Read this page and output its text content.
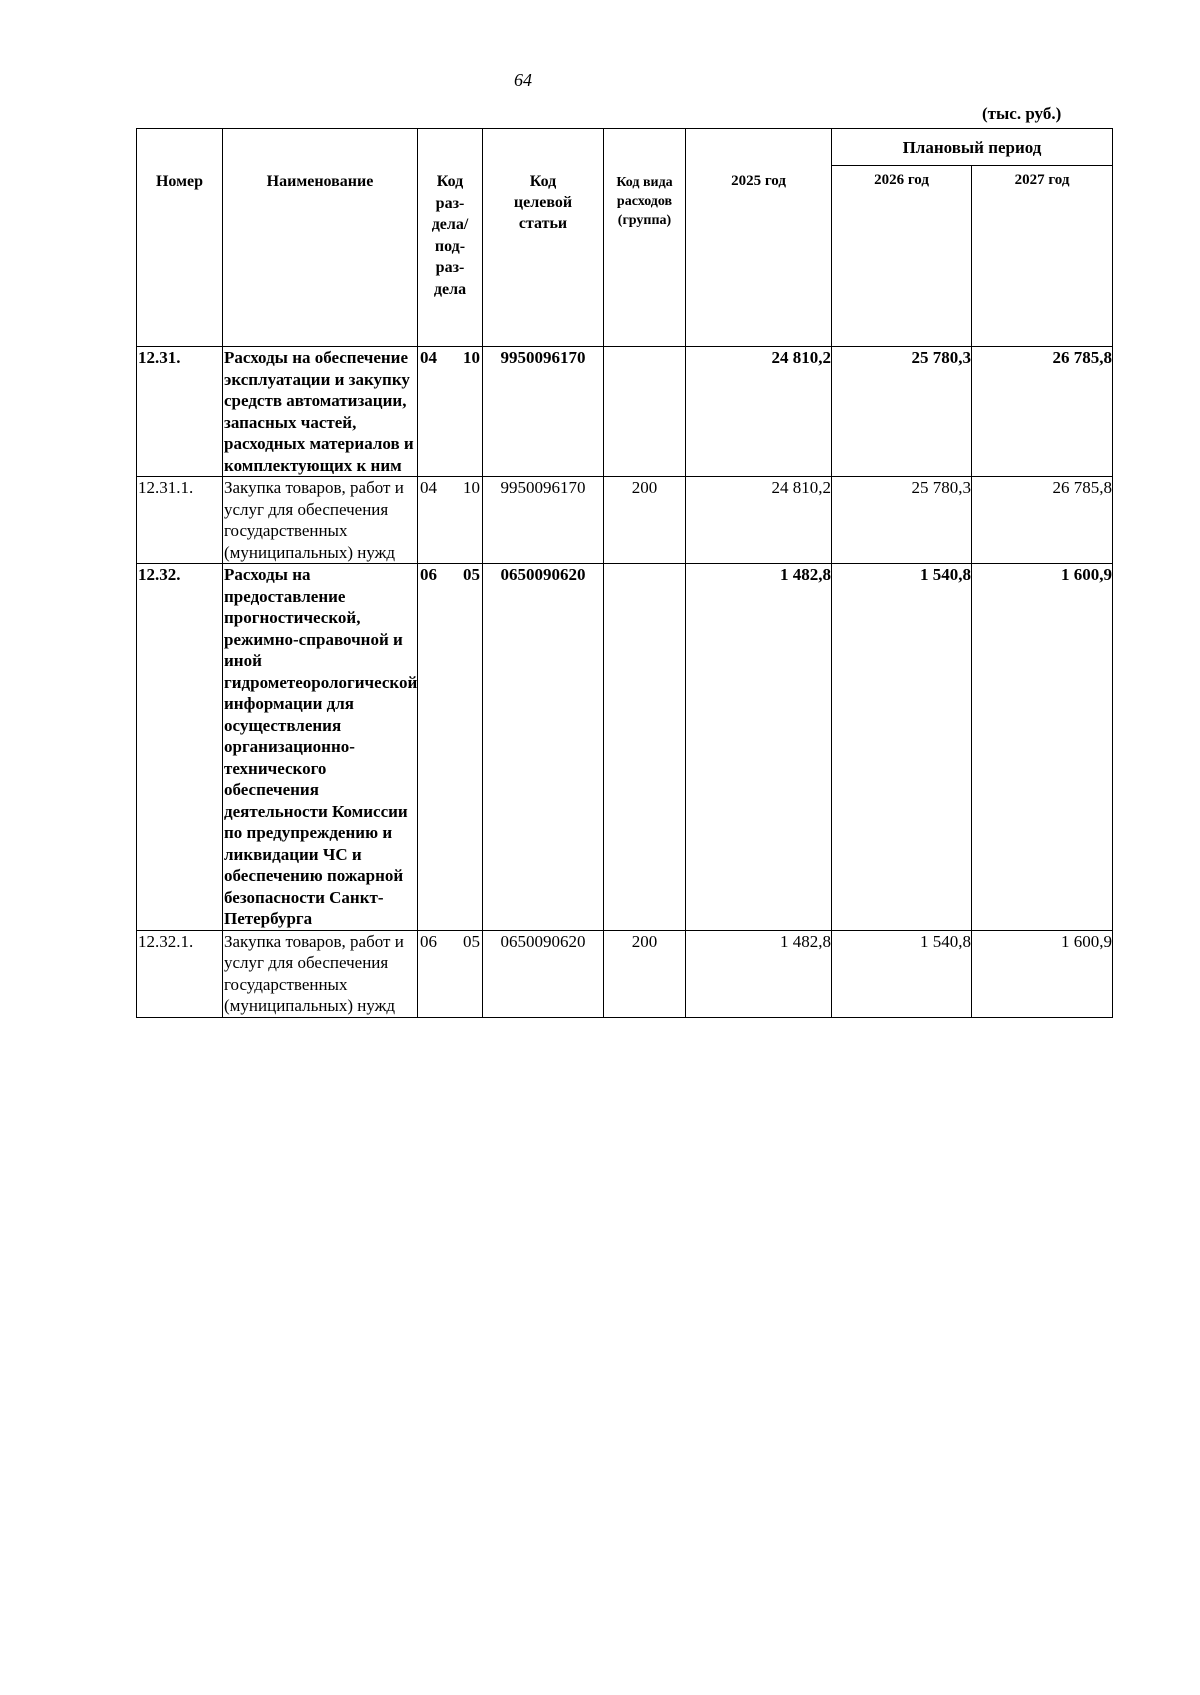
64
(тыс. руб.)
Номер	Наименование	Код раз- дела/ под- раз- дела	Код целевой статьи	Код вида расходов (группа)	2025 год	Плановый период	
						2026 год	2027 год
12.31.	Расходы на обеспечение эксплуатации и закупку средств автоматизации, запасных частей, расходных материалов и комплектующих к ним	04 10	9950096170		24 810,2	25 780,3	26 785,8
12.31.1.	Закупка товаров, работ и услуг для обеспечения государственных (муниципальных) нужд	04 10	9950096170	200	24 810,2	25 780,3	26 785,8
12.32.	Расходы на предоставление прогностической, режимно-справочной и иной гидрометеорологической информации для осуществления организационно-технического обеспечения деятельности Комиссии по предупреждению и ликвидации ЧС и обеспечению пожарной безопасности Санкт-Петербурга	06 05	0650090620		1 482,8	1 540,8	1 600,9
12.32.1.	Закупка товаров, работ и услуг для обеспечения государственных (муниципальных) нужд	06 05	0650090620	200	1 482,8	1 540,8	1 600,9
